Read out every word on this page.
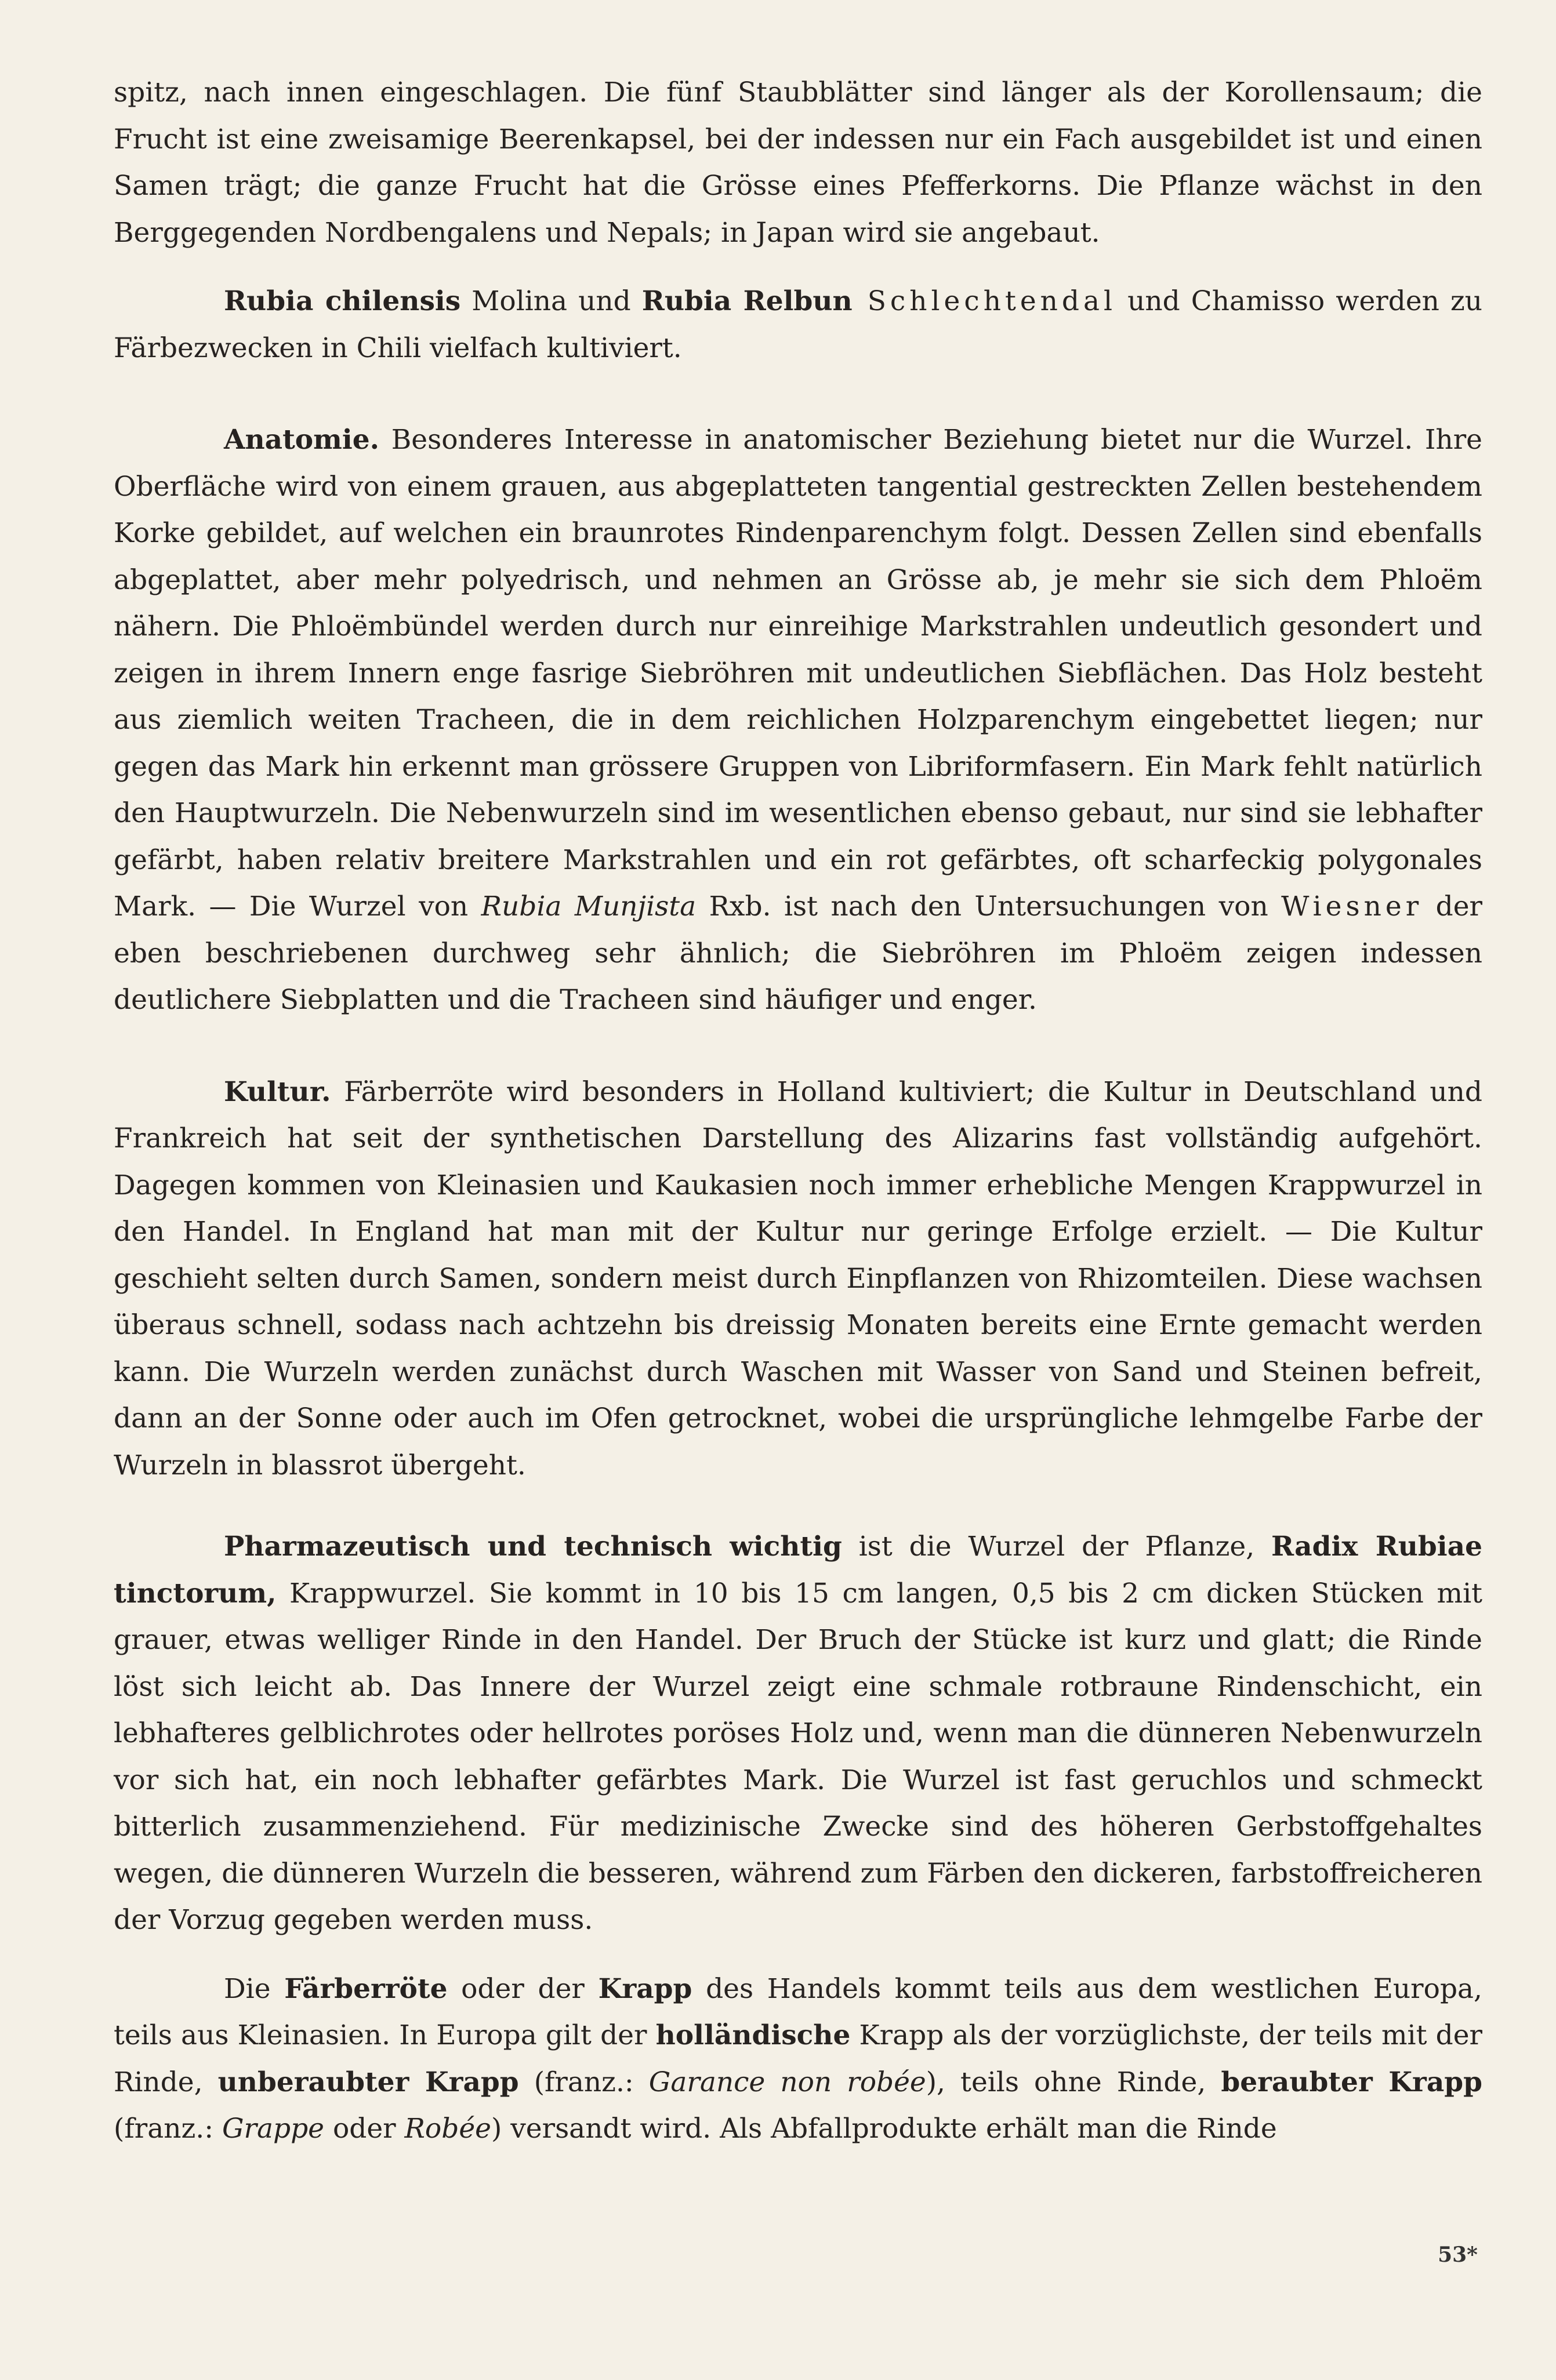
spitz, nach innen eingeschlagen. Die fünf Staubblätter sind länger als der Korollensaum; die Frucht ist eine zweisamige Beerenkapsel, bei der indessen nur ein Fach ausgebildet ist und einen Samen trägt; die ganze Frucht hat die Grösse eines Pfefferkorns. Die Pflanze wächst in den Berggegenden Nordbengalens und Nepals; in Japan wird sie angebaut.

Rubia chilensis Molina und Rubia Relbun Schlechtendal und Chamisso werden zu Färbezwecken in Chili vielfach kultiviert.

Anatomie. Besonderes Interesse in anatomischer Beziehung bietet nur die Wurzel. Ihre Oberfläche wird von einem grauen, aus abgeplatteten tangential gestreckten Zellen bestehendem Korke gebildet, auf welchen ein braunrotes Rindenparenchym folgt. Dessen Zellen sind ebenfalls abgeplattet, aber mehr polyedrisch, und nehmen an Grösse ab, je mehr sie sich dem Phloëm nähern. Die Phloëmbündel werden durch nur einreihige Markstrahlen undeutlich gesondert und zeigen in ihrem Innern enge fasrige Siebröhren mit undeutlichen Siebflächen. Das Holz besteht aus ziemlich weiten Tracheen, die in dem reichlichen Holzparenchym eingebettet liegen; nur gegen das Mark hin erkennt man grössere Gruppen von Libriformfasern. Ein Mark fehlt natürlich den Hauptwurzeln. Die Nebenwurzeln sind im wesentlichen ebenso gebaut, nur sind sie lebhafter gefärbt, haben relativ breitere Markstrahlen und ein rot gefärbtes, oft scharfeckig polygonales Mark. — Die Wurzel von Rubia Munjista Rxb. ist nach den Untersuchungen von Wiesner der eben beschriebenen durchweg sehr ähnlich; die Siebröhren im Phloëm zeigen indessen deutlichere Siebplatten und die Tracheen sind häufiger und enger.

Kultur. Färberröte wird besonders in Holland kultiviert; die Kultur in Deutschland und Frankreich hat seit der synthetischen Darstellung des Alizarins fast vollständig aufgehört. Dagegen kommen von Kleinasien und Kaukasien noch immer erhebliche Mengen Krappwurzel in den Handel. In England hat man mit der Kultur nur geringe Erfolge erzielt. — Die Kultur geschieht selten durch Samen, sondern meist durch Einpflanzen von Rhizomteilen. Diese wachsen überaus schnell, sodass nach achtzehn bis dreissig Monaten bereits eine Ernte gemacht werden kann. Die Wurzeln werden zunächst durch Waschen mit Wasser von Sand und Steinen befreit, dann an der Sonne oder auch im Ofen getrocknet, wobei die ursprüngliche lehmgelbe Farbe der Wurzeln in blassrot übergeht.

Pharmazeutisch und technisch wichtig ist die Wurzel der Pflanze, Radix Rubiae tinctorum, Krappwurzel. Sie kommt in 10 bis 15 cm langen, 0,5 bis 2 cm dicken Stücken mit grauer, etwas welliger Rinde in den Handel. Der Bruch der Stücke ist kurz und glatt; die Rinde löst sich leicht ab. Das Innere der Wurzel zeigt eine schmale rotbraune Rindenschicht, ein lebhafteres gelblichrotes oder hellrotes poröses Holz und, wenn man die dünneren Nebenwurzeln vor sich hat, ein noch lebhafter gefärbtes Mark. Die Wurzel ist fast geruchlos und schmeckt bitterlich zusammenziehend. Für medizinische Zwecke sind des höheren Gerbstoffgehaltes wegen, die dünneren Wurzeln die besseren, während zum Färben den dickeren, farbstoffreicheren der Vorzug gegeben werden muss.

Die Färberröte oder der Krapp des Handels kommt teils aus dem westlichen Europa, teils aus Kleinasien. In Europa gilt der holländische Krapp als der vorzüglichste, der teils mit der Rinde, unberaubter Krapp (franz.: Garance non robée), teils ohne Rinde, beraubter Krapp (franz.: Grappe oder Robée) versandt wird. Als Abfallprodukte erhält man die Rinde

53*
